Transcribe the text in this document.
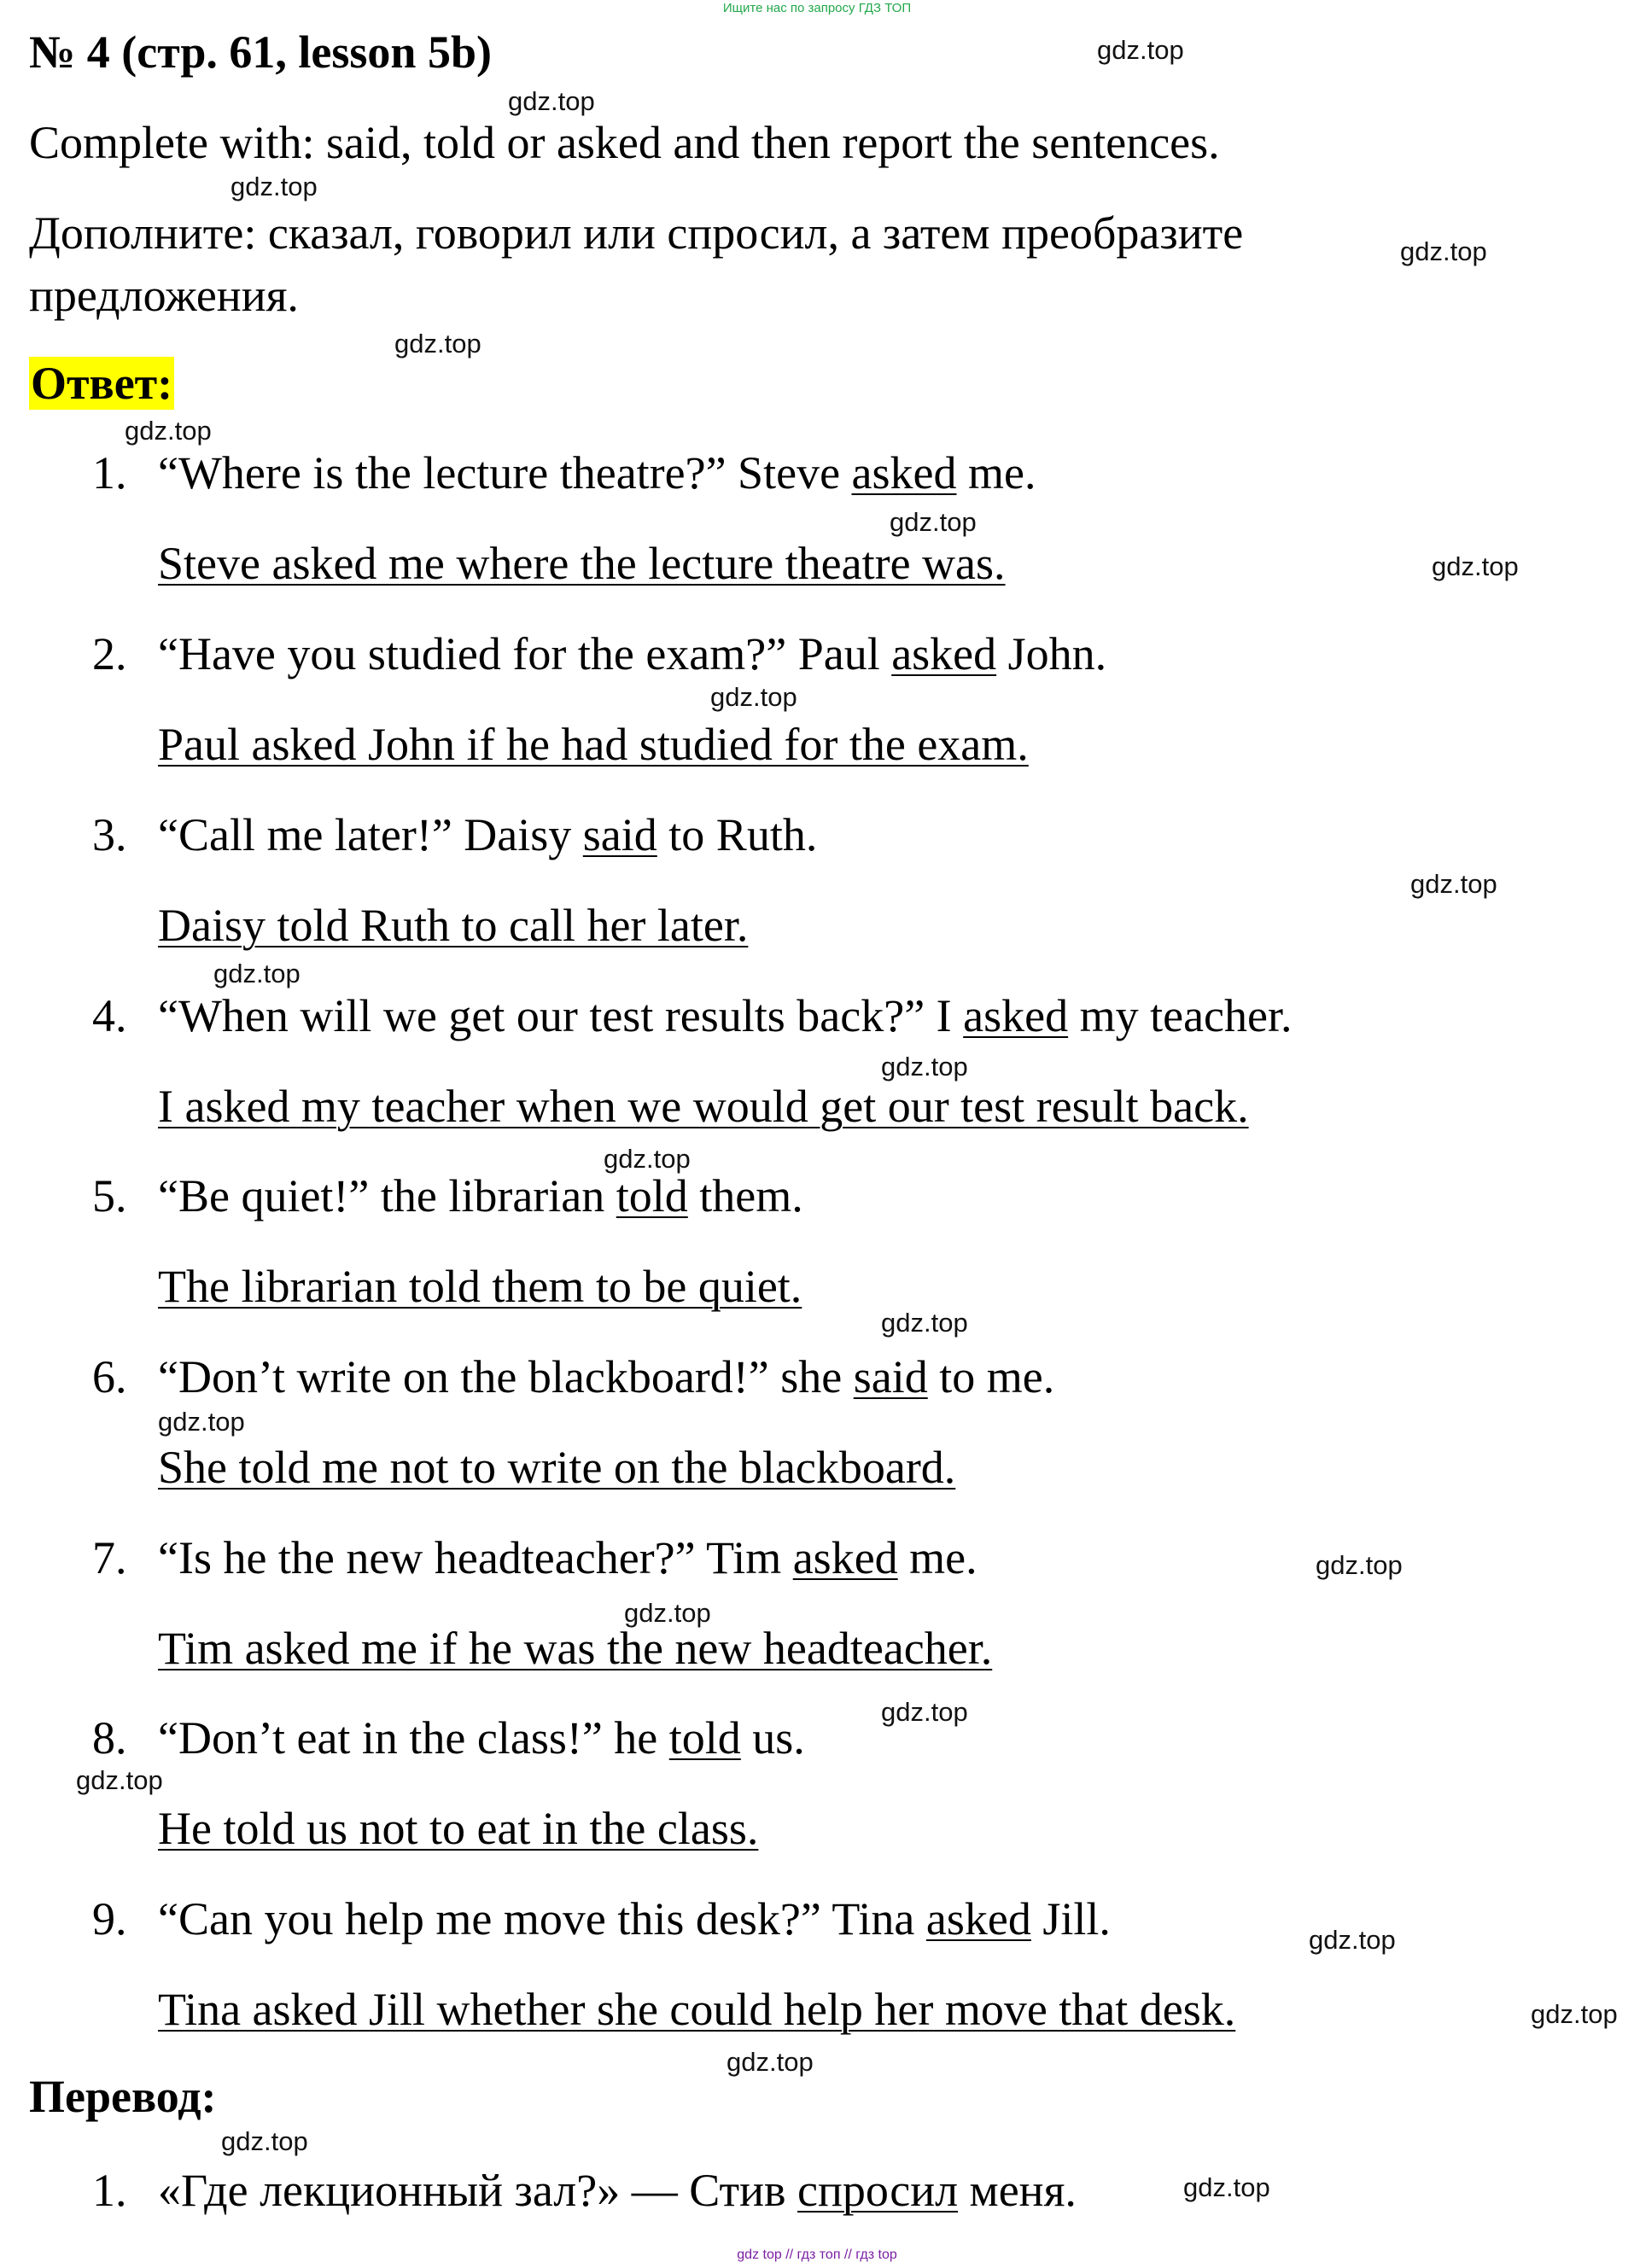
Ищите нас по запросу ГДЗ ТОП
№ 4 (стр. 61, lesson 5b)
Complete with: said, told or asked and then report the sentences.
Дополните: сказал, говорил или спросил, а затем преобразите
предложения.
Ответ:
1. “Where is the lecture theatre?” Steve asked me.
Steve asked me where the lecture theatre was.
2. “Have you studied for the exam?” Paul asked John.
Paul asked John if he had studied for the exam.
3. “Call me later!” Daisy said to Ruth.
Daisy told Ruth to call her later.
4. “When will we get our test results back?” I asked my teacher.
I asked my teacher when we would get our test result back.
5. “Be quiet!” the librarian told them.
The librarian told them to be quiet.
6. “Don’t write on the blackboard!” she said to me.
She told me not to write on the blackboard.
7. “Is he the new headteacher?” Tim asked me.
Tim asked me if he was the new headteacher.
8. “Don’t eat in the class!” he told us.
He told us not to eat in the class.
9. “Can you help me move this desk?” Tina asked Jill.
Tina asked Jill whether she could help her move that desk.
Перевод:
1. «Где лекционный зал?» — Стив спросил меня.
gdz.top
gdz.top
gdz.top
gdz.top
gdz.top
gdz.top
gdz.top
gdz.top
gdz.top
gdz.top
gdz.top
gdz.top
gdz.top
gdz.top
gdz.top
gdz.top
gdz.top
gdz.top
gdz.top
gdz.top
gdz.top
gdz.top
gdz.top
gdz.top
gdz top // гдз топ // гдз top
